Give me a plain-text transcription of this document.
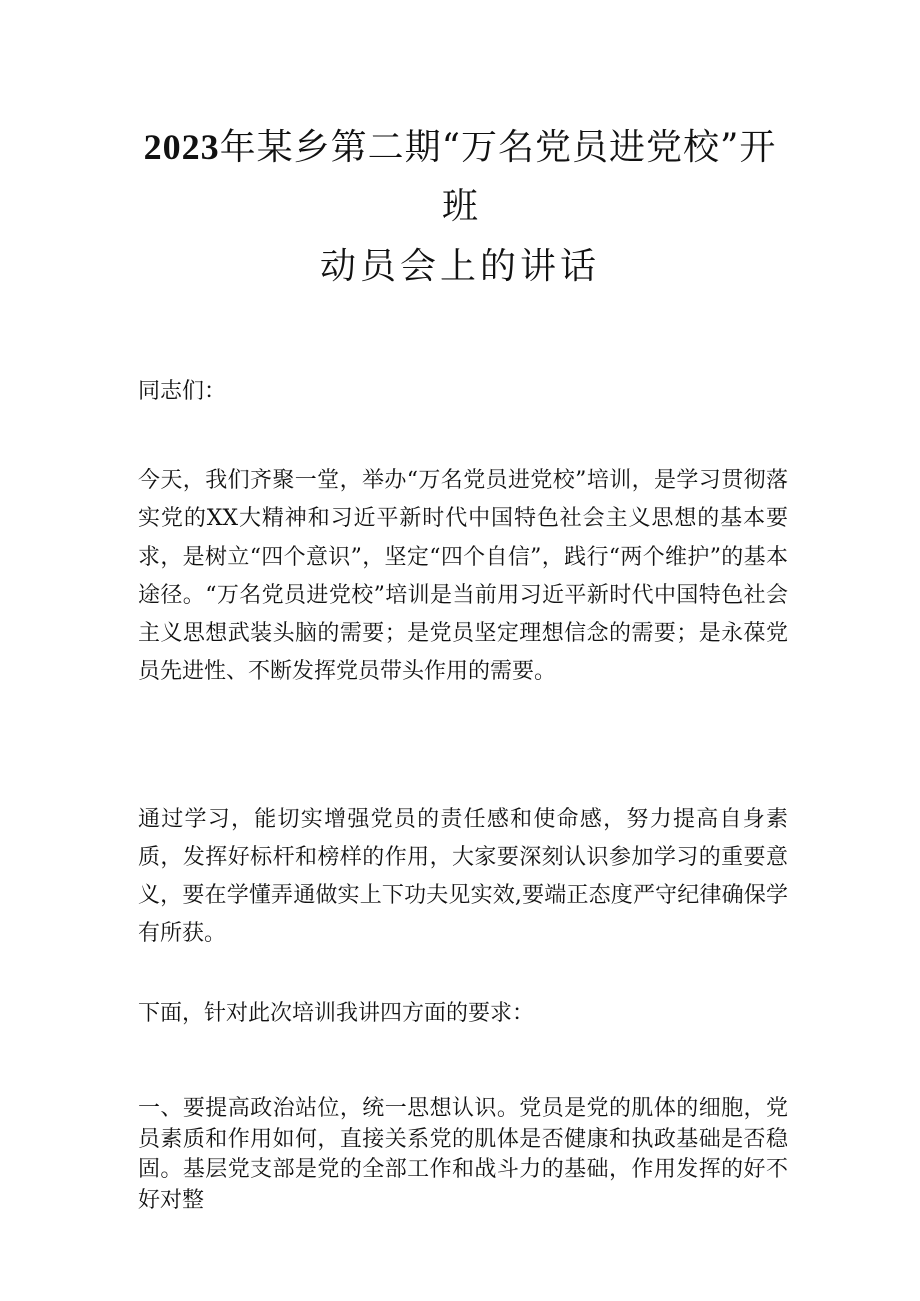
2023年某乡第二期“万名党员进党校”开
班
动员会上的讲话
同志们：
今天，我们齐聚一堂，举办“万名党员进党校”培训，是学习贯彻落实党的XX大精神和习近平新时代中国特色社会主义思想的基本要求，是树立“四个意识”，坚定“四个自信”，践行“两个维护”的基本途径。“万名党员进党校”培训是当前用习近平新时代中国特色社会主义思想武装头脑的需要；是党员坚定理想信念的需要；是永葆党员先进性、不断发挥党员带头作用的需要。
通过学习，能切实增强党员的责任感和使命感，努力提高自身素质，发挥好标杆和榜样的作用，大家要深刻认识参加学习的重要意义，要在学懂弄通做实上下功夫见实效,要端正态度严守纪律确保学有所获。
下面，针对此次培训我讲四方面的要求：
一、要提高政治站位，统一思想认识。党员是党的肌体的细胞，党员素质和作用如何，直接关系党的肌体是否健康和执政基础是否稳固。基层党支部是党的全部工作和战斗力的基础，作用发挥的好不好对整
